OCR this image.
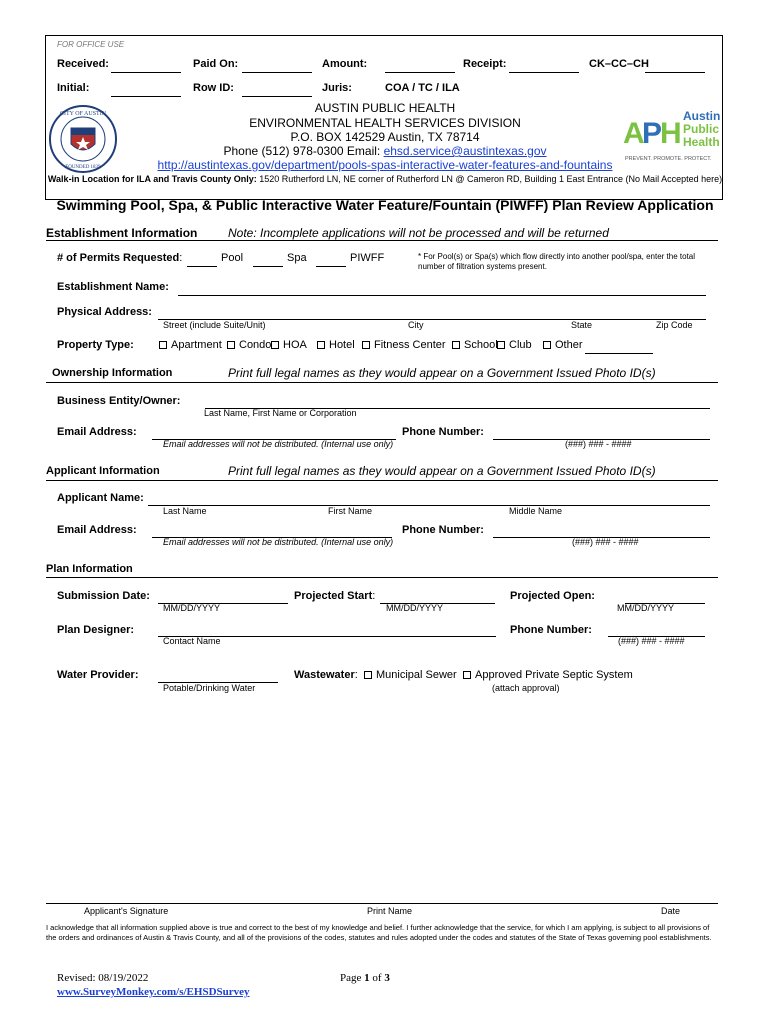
FOR OFFICE USE
Received:	Paid On:	Amount:	Receipt:	CK–CC–CH
Initial:	Row ID:	Juris:	COA / TC / ILA
CITY OF AUSTIN
FOUNDED 1839
AUSTIN PUBLIC HEALTH
ENVIRONMENTAL HEALTH SERVICES DIVISION
P.O. BOX 142529 Austin, TX 78714
Phone (512) 978-0300 Email: ehsd.service@austintexas.gov
http://austintexas.gov/department/pools-spas-interactive-water-features-and-fountains
A
P
H
Austin
Public
Health
PREVENT. PROMOTE. PROTECT.
Walk-in Location for ILA and Travis County Only: 1520 Rutherford LN, NE corner of Rutherford LN @ Cameron RD, Building 1 East Entrance (No Mail Accepted here)
Swimming Pool, Spa, & Public Interactive Water Feature/Fountain (PIWFF) Plan Review Application
Establishment Information	Note: Incomplete applications will not be processed and will be returned
# of Permits Requested:	Pool	Spa	PIWFF	* For Pool(s) or Spa(s) which flow directly into another pool/spa, enter the total number of filtration systems present.
Establishment Name:
Physical Address:
Street (include Suite/Unit)	City	State	Zip Code
Property Type:	Apartment	Condo	HOA	Hotel	Fitness Center	School	Club	Other
Ownership Information	Print full legal names as they would appear on a Government Issued Photo ID(s)
Business Entity/Owner:
Last Name, First Name or Corporation
Email Address:
Email addresses will not be distributed. (Internal use only)
Phone Number:
(###) ### - ####
Applicant Information	Print full legal names as they would appear on a Government Issued Photo ID(s)
Applicant Name:
Last Name	First Name	Middle Name
Email Address:
Email addresses will not be distributed. (Internal use only)
Phone Number:
(###) ### - ####
Plan Information
Submission Date:
MM/DD/YYYY
Projected Start:
MM/DD/YYYY
Projected Open:
MM/DD/YYYY
Plan Designer:
Contact Name
Phone Number:
(###) ### - ####
Water Provider:
Potable/Drinking Water
Wastewater:	Municipal Sewer	Approved Private Septic System
(attach approval)
Applicant's Signature	Print Name	Date
I acknowledge that all information supplied above is true and correct to the best of my knowledge and belief. I further acknowledge that the service, for which I am applying, is subject to all provisions of the orders and ordinances of Austin & Travis County, and all of the provisions of the codes, statutes and rules adopted under the codes and statutes of the State of Texas governing pool establishments.
Revised: 08/19/2022
www.SurveyMonkey.com/s/EHSDSurvey
Page 1 of 3
